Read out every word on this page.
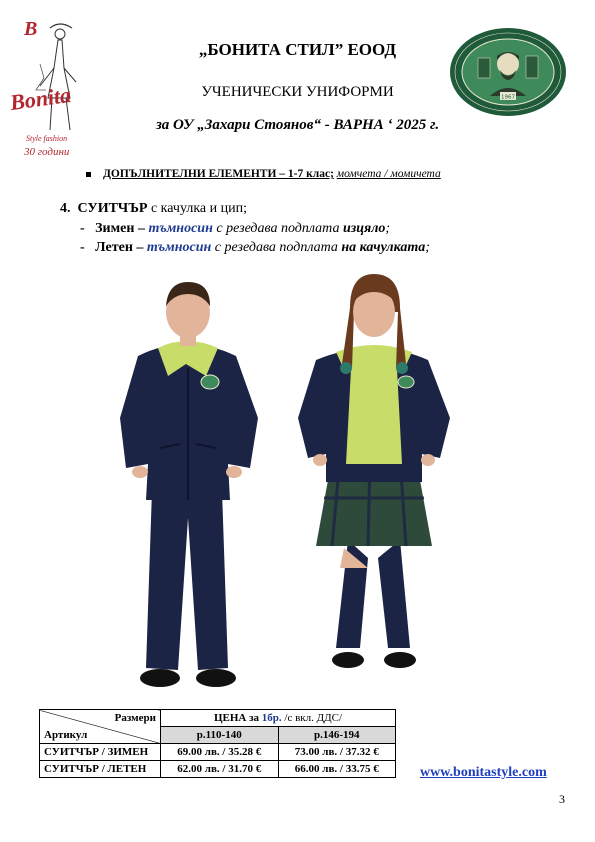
B
Bonita
Style fashion
30 години
1967
„БОНИТА СТИЛ” ЕООД
УЧЕНИЧЕСКИ УНИФОРМИ
за ОУ „Захари Стоянов“ - ВАРНА ‘ 2025 г.
ДОПЪЛНИТЕЛНИ ЕЛЕМЕНТИ – 1-7 клас; момчета / момичета
4. СУИТЧЪР с качулка и цип;
- Зимен – тъмносин с резедава подплата изцяло;
- Летен – тъмносин с резедава подплата на качулката;
Размери
Артикул	ЦЕНА за 1бр. /с вкл. ДДС/	
	р.110-140	р.146-194
СУИТЧЪР / ЗИМЕН	69.00 лв. / 35.28 €	73.00 лв. / 37.32 €
СУИТЧЪР / ЛЕТЕН	62.00 лв. / 31.70 €	66.00 лв. / 33.75 €	www.bonitastyle.com
3
